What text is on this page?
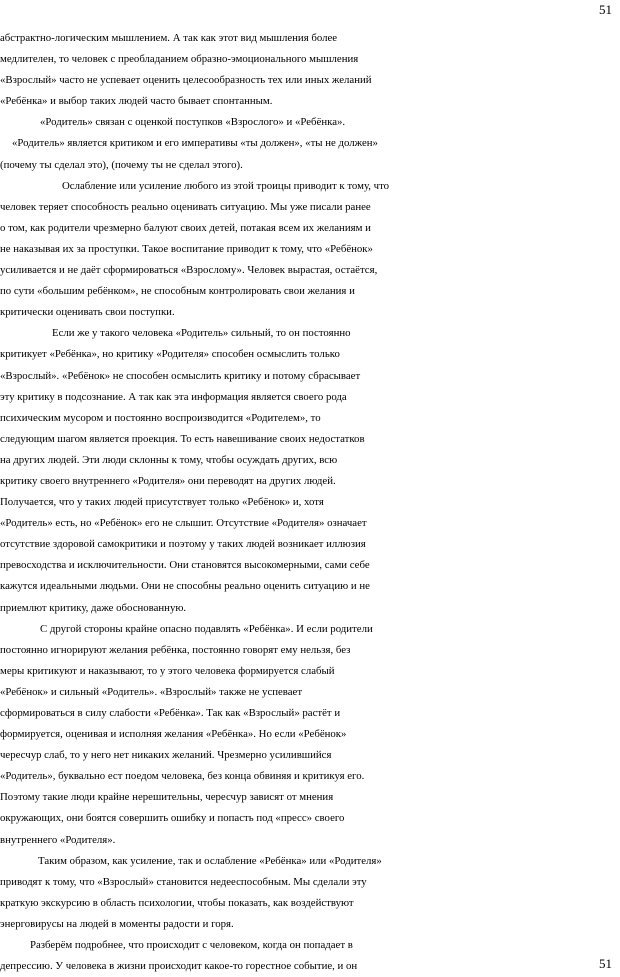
51
абстрактно-логическим мышлением. А так как этот вид мышления более
медлителен, то человек с преобладанием образно-эмоционального мышления
«Взрослый» часто не успевает оценить целесообразность тех или иных желаний
«Ребёнка» и выбор таких людей часто бывает спонтанным.
«Родитель» связан с оценкой поступков «Взрослого» и «Ребёнка».
«Родитель» является критиком и его императивы «ты должен», «ты не должен»
(почему ты сделал это), (почему ты не сделал этого).
Ослабление или усиление любого из этой троицы приводит к тому, что
человек теряет способность реально оценивать ситуацию. Мы уже писали ранее
о том, как родители чрезмерно балуют своих детей, потакая всем их желаниям и
не наказывая их за проступки. Такое воспитание приводит к тому, что «Ребёнок»
усиливается и не даёт сформироваться «Взрослому». Человек вырастая, остаётся,
по сути «большим ребёнком», не способным контролировать свои желания и
критически оценивать свои поступки.
Если же у такого человека «Родитель» сильный, то он постоянно
критикует «Ребёнка», но критику «Родителя» способен осмыслить только
«Взрослый». «Ребёнок» не способен осмыслить критику и потому сбрасывает
эту критику в подсознание. А так как эта информация является своего рода
психическим мусором и постоянно воспроизводится «Родителем», то
следующим шагом является проекция. То есть навешивание своих недостатков
на других людей. Эти люди склонны к тому, чтобы осуждать других, всю
критику своего внутреннего «Родителя» они переводят на других людей.
Получается, что у таких людей присутствует только «Ребёнок» и, хотя
«Родитель» есть, но «Ребёнок» его не слышит. Отсутствие «Родителя» означает
отсутствие здоровой самокритики и поэтому у таких людей возникает иллюзия
превосходства и исключительности. Они становятся высокомерными, сами себе
кажутся идеальными людьми. Они не способны реально оценить ситуацию и не
приемлют критику, даже обоснованную.
С другой стороны крайне опасно подавлять «Ребёнка». И если родители
постоянно игнорируют желания ребёнка, постоянно говорят ему нельзя, без
меры критикуют и наказывают, то у этого человека формируется слабый
«Ребёнок» и сильный «Родитель». «Взрослый» также не успевает
сформироваться в силу слабости «Ребёнка». Так как «Взрослый» растёт и
формируется, оценивая и исполняя желания «Ребёнка». Но если «Ребёнок»
чересчур слаб, то у него нет никаких желаний. Чрезмерно усилившийся
«Родитель», буквально ест поедом человека, без конца обвиняя и критикуя его.
Поэтому такие люди крайне нерешительны, чересчур зависят от мнения
окружающих, они боятся совершить ошибку и попасть под «пресс» своего
внутреннего «Родителя».
Таким образом, как усиление, так и ослабление «Ребёнка» или «Родителя»
приводят к тому, что «Взрослый» становится недееспособным. Мы сделали эту
краткую экскурсию в область психологии, чтобы показать, как воздействуют
энерговирусы на людей в моменты радости и горя.
Разберём подробнее, что происходит с человеком, когда он попадает в
депрессию. У человека в жизни происходит какое-то горестное событие, и он	51
